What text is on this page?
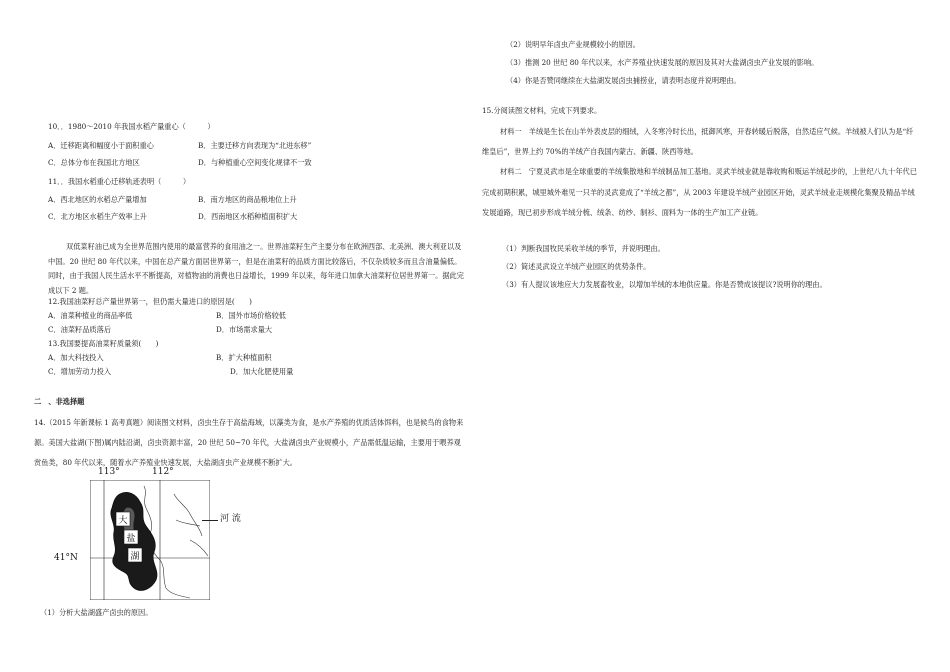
10．．1980～2010 年我国水稻产量重心（　　　）
A．迁移距离和幅度小于面积重心	B．主要迁移方向表现为“北进东移”
C．总体分布在我国北方地区	D．与种植重心空间变化规律不一致
11．．我国水稻重心迁移轨迹表明（　　　）
A．西北地区的水稻总产量增加	B．南方地区的商品粮地位上升
C．北方地区水稻生产效率上升	D．西南地区水稻种植面积扩大
双低菜籽油已成为全世界范围内使用的最富营养的食用油之一。世界油菜籽生产主要分布在欧洲西部、北美洲、澳大利亚以及中国。20 世纪 80 年代以来，中国在总产量方面居世界第一，但是在油菜籽的品质方面比较落后，不仅杂质较多而且含油量偏低。同时，由于我国人民生活水平不断提高，对植物油的消费也日益增长，1999 年以来，每年进口加拿大油菜籽位居世界第一。据此完成以下 2 题。
12.我国油菜籽总产量世界第一，但仍需大量进口的原因是(　　)
A．油菜种植业的商品率低	B．国外市场价格较低
C．油菜籽品质落后	D．市场需求量大
13.我国要提高油菜籽质量须(　　)
A．加大科技投入	B．扩大种植面积
C．增加劳动力投入	D．加大化肥使用量
二　、非选择题
14.（2015 年新课标 1 高考真题）阅读图文材料，卤虫生存于高盐海域，以藻类为食，是水产养殖的优质活体饵料，也是候鸟的食物来源。美国大盐湖(下图)属内陆沿湖，卤虫资源丰富，20 世纪 50~70 年代，大盐湖卤虫产业规模小，产品需低温运输，主要用于喂养观赏鱼类，80 年代以来，随着水产养殖业快速发展，大盐湖卤虫产业规模不断扩大。
大
盐
湖
113°	112°
41°N
河 流
（1）分析大盐湖盛产卤虫的原因。
（2）说明早年卤虫产业规模较小的原因。
（3）推测 20 世纪 80 年代以来，水产养殖业快速发展的原因及其对大盐湖卤虫产业发展的影响。
（4）你是否赞同继续在大盐湖发展卤虫捕捞业，请表明态度并说明理由。
15.分阅读图文材料，完成下列要求。
材料一　羊绒是生长在山羊外表皮层的细绒，入冬寒冷时长出，抵御风寒，开春转暖后脱落，自然适应气候。羊绒被人们认为是“纤维皇后”，世界上约 70%的羊绒产自我国内蒙古、新疆、陕西等地。
材料二　宁夏灵武市是全球重要的羊绒集散地和羊绒制品加工基地。灵武羊绒业就是靠收购和贩运羊绒起步的，上世纪八九十年代已完成初期积累，城里城外难见一只羊的灵武竟成了“羊绒之都”，从 2003 年建设羊绒产业园区开始，灵武羊绒业走规模化集聚及精品羊绒发展道路，现已初步形成羊绒分梳、绒条、纺纱、制衫、面料为一体的生产加工产业链。
（1）判断我国牧民采收羊绒的季节，并说明理由。
（2）简述灵武设立羊绒产业园区的优势条件。
（3）有人提议该地应大力发展畜牧业，以增加羊绒的本地供应量。你是否赞成该提议?说明你的理由。
